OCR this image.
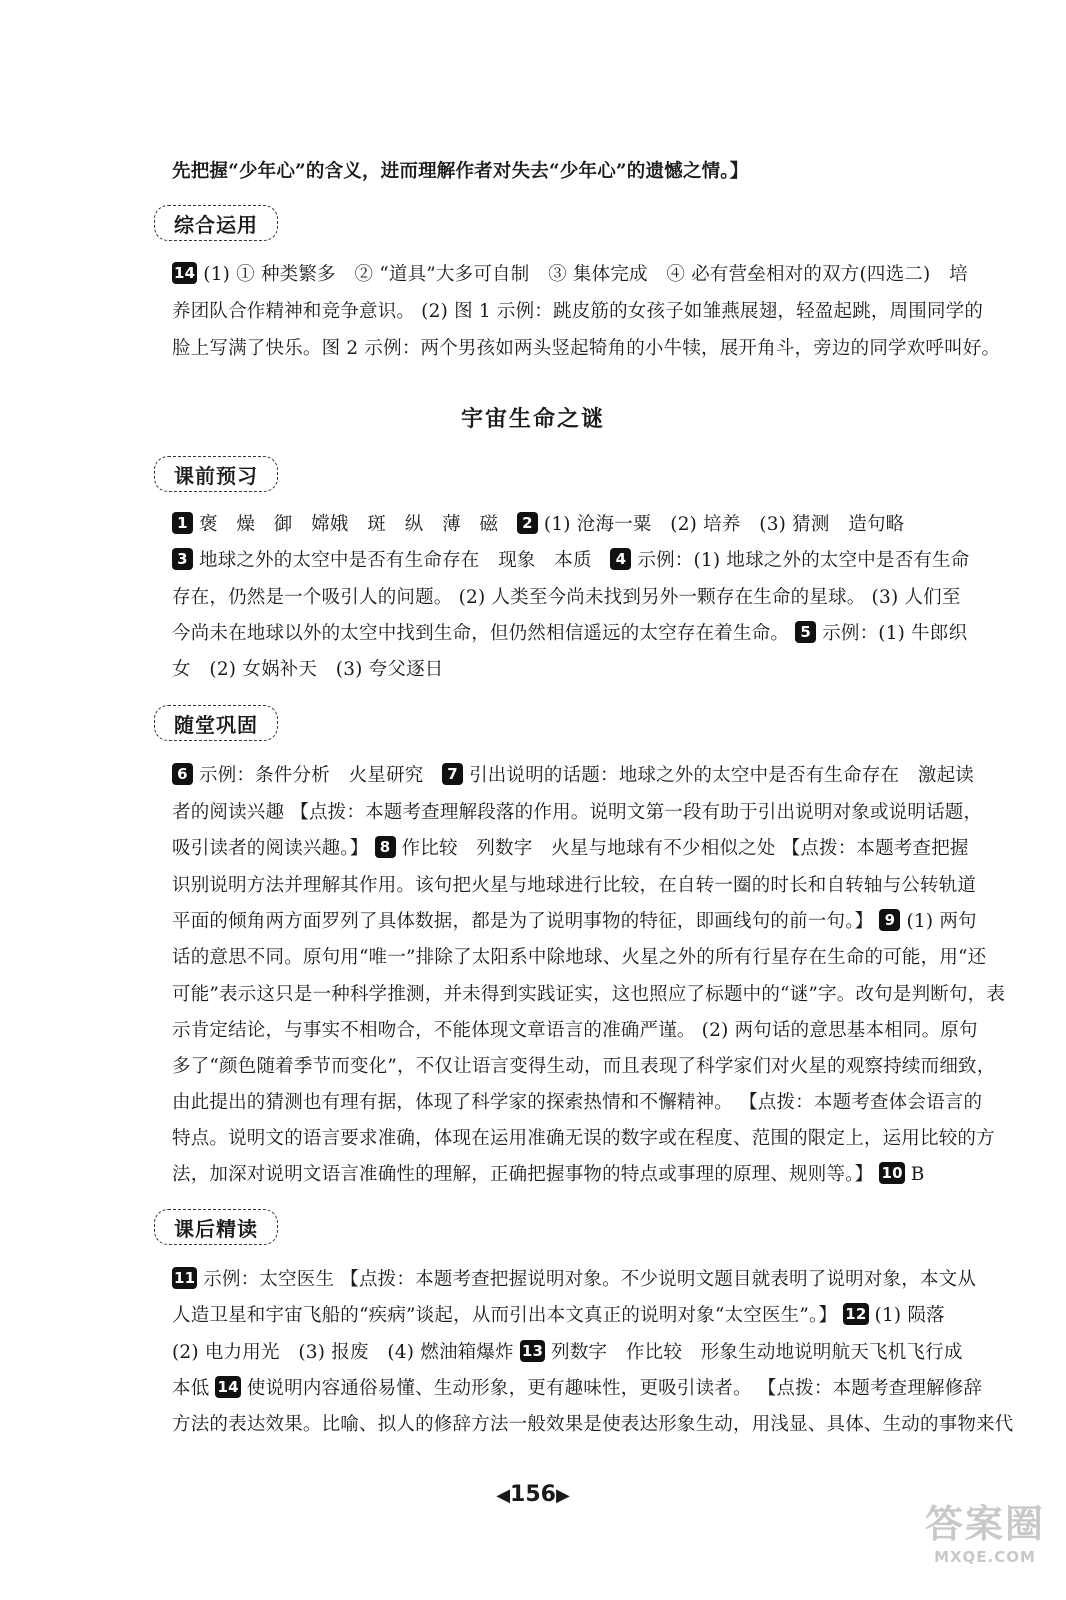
先把握“少年心”的含义，进而理解作者对失去“少年心”的遗憾之情。】
综合运用
14 (1) ① 种类繁多　② “道具”大多可自制　③ 集体完成　④ 必有营垒相对的双方(四选二)　培
养团队合作精神和竞争意识。 (2) 图 1 示例：跳皮筋的女孩子如雏燕展翅，轻盈起跳，周围同学的
脸上写满了快乐。图 2 示例：两个男孩如两头竖起犄角的小牛犊，展开角斗，旁边的同学欢呼叫好。
宇宙生命之谜
课前预习
1 褒　燥　御　嫦娥　斑　纵　薄　磁　2 (1) 沧海一粟　(2) 培养　(3) 猜测　造句略
3 地球之外的太空中是否有生命存在　现象　本质　4 示例：(1) 地球之外的太空中是否有生命
存在，仍然是一个吸引人的问题。 (2) 人类至今尚未找到另外一颗存在生命的星球。 (3) 人们至
今尚未在地球以外的太空中找到生命，但仍然相信遥远的太空存在着生命。 5 示例：(1) 牛郎织
女　(2) 女娲补天　(3) 夸父逐日
随堂巩固
6 示例：条件分析　火星研究　7 引出说明的话题：地球之外的太空中是否有生命存在　激起读
者的阅读兴趣 【点拨：本题考查理解段落的作用。说明文第一段有助于引出说明对象或说明话题，
吸引读者的阅读兴趣。】 8 作比较　列数字　火星与地球有不少相似之处 【点拨：本题考查把握
识别说明方法并理解其作用。该句把火星与地球进行比较，在自转一圈的时长和自转轴与公转轨道
平面的倾角两方面罗列了具体数据，都是为了说明事物的特征，即画线句的前一句。】 9 (1) 两句
话的意思不同。原句用“唯一”排除了太阳系中除地球、火星之外的所有行星存在生命的可能，用“还
可能”表示这只是一种科学推测，并未得到实践证实，这也照应了标题中的“谜”字。改句是判断句，表
示肯定结论，与事实不相吻合，不能体现文章语言的准确严谨。 (2) 两句话的意思基本相同。原句
多了“颜色随着季节而变化”，不仅让语言变得生动，而且表现了科学家们对火星的观察持续而细致，
由此提出的猜测也有理有据，体现了科学家的探索热情和不懈精神。 【点拨：本题考查体会语言的
特点。说明文的语言要求准确，体现在运用准确无误的数字或在程度、范围的限定上，运用比较的方
法，加深对说明文语言准确性的理解，正确把握事物的特点或事理的原理、规则等。】 10 B
课后精读
11 示例：太空医生 【点拨：本题考查把握说明对象。不少说明文题目就表明了说明对象，本文从
人造卫星和宇宙飞船的“疾病”谈起，从而引出本文真正的说明对象“太空医生”。】 12 (1) 陨落
(2) 电力用光　(3) 报废　(4) 燃油箱爆炸 13 列数字　作比较　形象生动地说明航天飞机飞行成
本低 14 使说明内容通俗易懂、生动形象，更有趣味性，更吸引读者。 【点拨：本题考查理解修辞
方法的表达效果。比喻、拟人的修辞方法一般效果是使表达形象生动，用浅显、具体、生动的事物来代
◀156▶
答案圈
MXQE.COM
